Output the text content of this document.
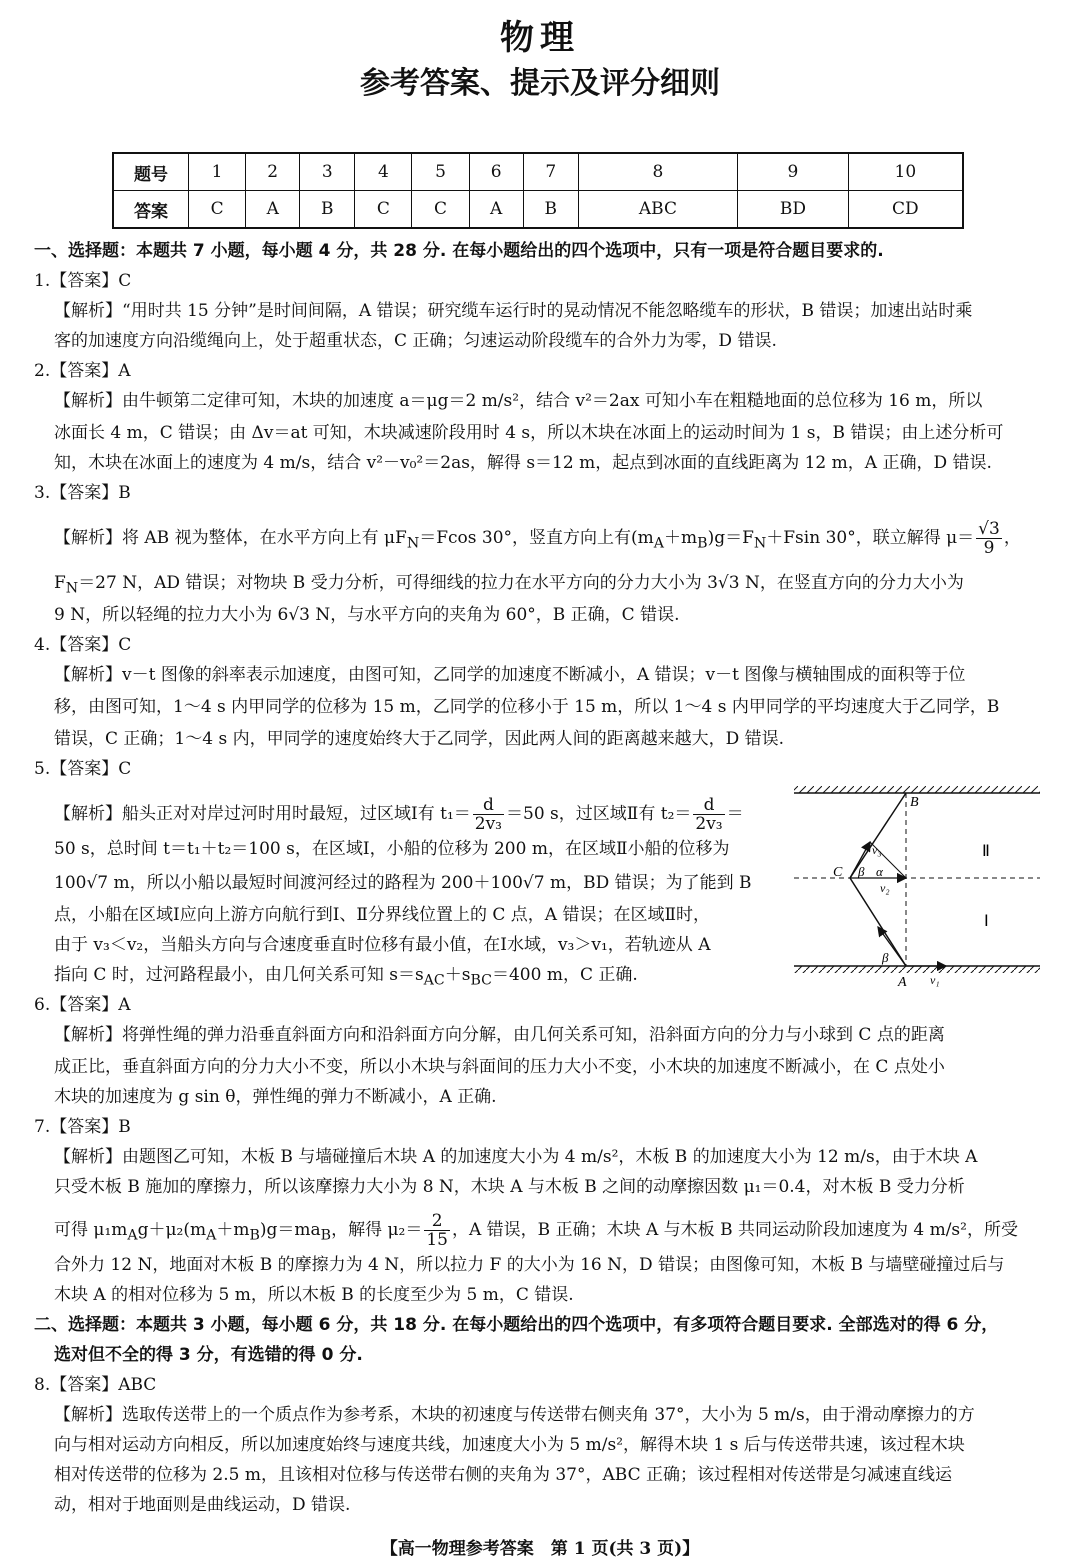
物理
参考答案、提示及评分细则
题号	1	2	3	4	5	6	7	8	9	10
答案	C	A	B	C	C	A	B	ABC	BD	CD
一、选择题：本题共 7 小题，每小题 4 分，共 28 分. 在每小题给出的四个选项中，只有一项是符合题目要求的.
1.【答案】C
【解析】“用时共 15 分钟”是时间间隔，A 错误；研究缆车运行时的晃动情况不能忽略缆车的形状，B 错误；加速出站时乘
客的加速度方向沿缆绳向上，处于超重状态，C 正确；匀速运动阶段缆车的合外力为零，D 错误.
2.【答案】A
【解析】由牛顿第二定律可知，木块的加速度 a＝μg＝2 m/s²，结合 v²＝2ax 可知小车在粗糙地面的总位移为 16 m，所以
冰面长 4 m，C 错误；由 Δv＝at 可知，木块减速阶段用时 4 s，所以木块在冰面上的运动时间为 1 s，B 错误；由上述分析可
知，木块在冰面上的速度为 4 m/s，结合 v²－v₀²＝2as，解得 s＝12 m，起点到冰面的直线距离为 12 m，A 正确，D 错误.
3.【答案】B
【解析】将 AB 视为整体，在水平方向上有 $\mu F_N=Fcos$ 30°，竖直方向上有$(m_A+m_B)g=F_N+Fsin$ 30°，联立解得 $\mu= \frac{√3}{9}$ ，
$F_N=27$ N，AD 错误；对物块 B 受力分析，可得细线的拉力在水平方向的分力大小为 3√3 N，在竖直方向的分力大小为
9 N，所以轻绳的拉力大小为 6√3 N，与水平方向的夹角为 60°，B 正确，C 错误.
4.【答案】C
【解析】v－t 图像的斜率表示加速度，由图可知，乙同学的加速度不断减小，A 错误；v－t 图像与横轴围成的面积等于位
移，由图可知，1～4 s 内甲同学的位移为 15 m，乙同学的位移小于 15 m，所以 1～4 s 内甲同学的平均速度大于乙同学，B
错误，C 正确；1～4 s 内，甲同学的速度始终大于乙同学，因此两人间的距离越来越大，D 错误.
5.【答案】C
【解析】船头正对对岸过河时用时最短，过区域Ⅰ有 $t_1= \frac{d}{\text{2v₃}} =50$ s，过区域Ⅱ有 $t_2= \frac{d}{\text{2v₃}}$ ＝
50 s，总时间 t＝t₁＋t₂＝100 s，在区域Ⅰ，小船的位移为 200 m，在区域Ⅱ小船的位移为
100√7 m，所以小船以最短时间渡河经过的路程为 200＋100√7 m，BD 错误；为了能到 B
点，小船在区域Ⅰ应向上游方向航行到Ⅰ、Ⅱ分界线位置上的 C 点，A 错误；在区域Ⅱ时，
由于 v₃＜v₂，当船头方向与合速度垂直时位移有最小值，在Ⅰ水域，v₃＞v₁，若轨迹从 A
指向 C 时，过河路程最小，由几何关系可知 $s=s_{AC}+s_{BC}=400$ m，C 正确.
B
C
A
Ⅱ
Ⅰ
v₃
v₂
v₁
β α
β
6.【答案】A
【解析】将弹性绳的弹力沿垂直斜面方向和沿斜面方向分解，由几何关系可知，沿斜面方向的分力与小球到 C 点的距离
成正比，垂直斜面方向的分力大小不变，所以小木块与斜面间的压力大小不变，小木块的加速度不断减小，在 C 点处小
木块的加速度为 g sin θ，弹性绳的弹力不断减小，A 正确.
7.【答案】B
【解析】由题图乙可知，木板 B 与墙碰撞后木块 A 的加速度大小为 4 m/s²，木板 B 的加速度大小为 12 m/s，由于木块 A
只受木板 B 施加的摩擦力，所以该摩擦力大小为 8 N，木块 A 与木板 B 之间的动摩擦因数 μ₁＝0.4，对木板 B 受力分析
可得 $\mu_1m_Ag+\mu_2(m_A+m_B)g=ma_B$，解得 $\mu_2= \frac{2}{15}$ ，A 错误，B 正确；木块 A 与木板 B 共同运动阶段加速度为 4 m/s²，所受
合外力 12 N，地面对木板 B 的摩擦力为 4 N，所以拉力 F 的大小为 16 N，D 错误；由图像可知，木板 B 与墙壁碰撞过后与
木块 A 的相对位移为 5 m，所以木板 B 的长度至少为 5 m，C 错误.
二、选择题：本题共 3 小题，每小题 6 分，共 18 分. 在每小题给出的四个选项中，有多项符合题目要求. 全部选对的得 6 分，
选对但不全的得 3 分，有选错的得 0 分.
8.【答案】ABC
【解析】选取传送带上的一个质点作为参考系，木块的初速度与传送带右侧夹角 37°，大小为 5 m/s，由于滑动摩擦力的方
向与相对运动方向相反，所以加速度始终与速度共线，加速度大小为 5 m/s²，解得木块 1 s 后与传送带共速，该过程木块
相对传送带的位移为 2.5 m，且该相对位移与传送带右侧的夹角为 37°，ABC 正确；该过程相对传送带是匀减速直线运
动，相对于地面则是曲线运动，D 错误.
【高一物理参考答案　第 1 页(共 3 页)】
